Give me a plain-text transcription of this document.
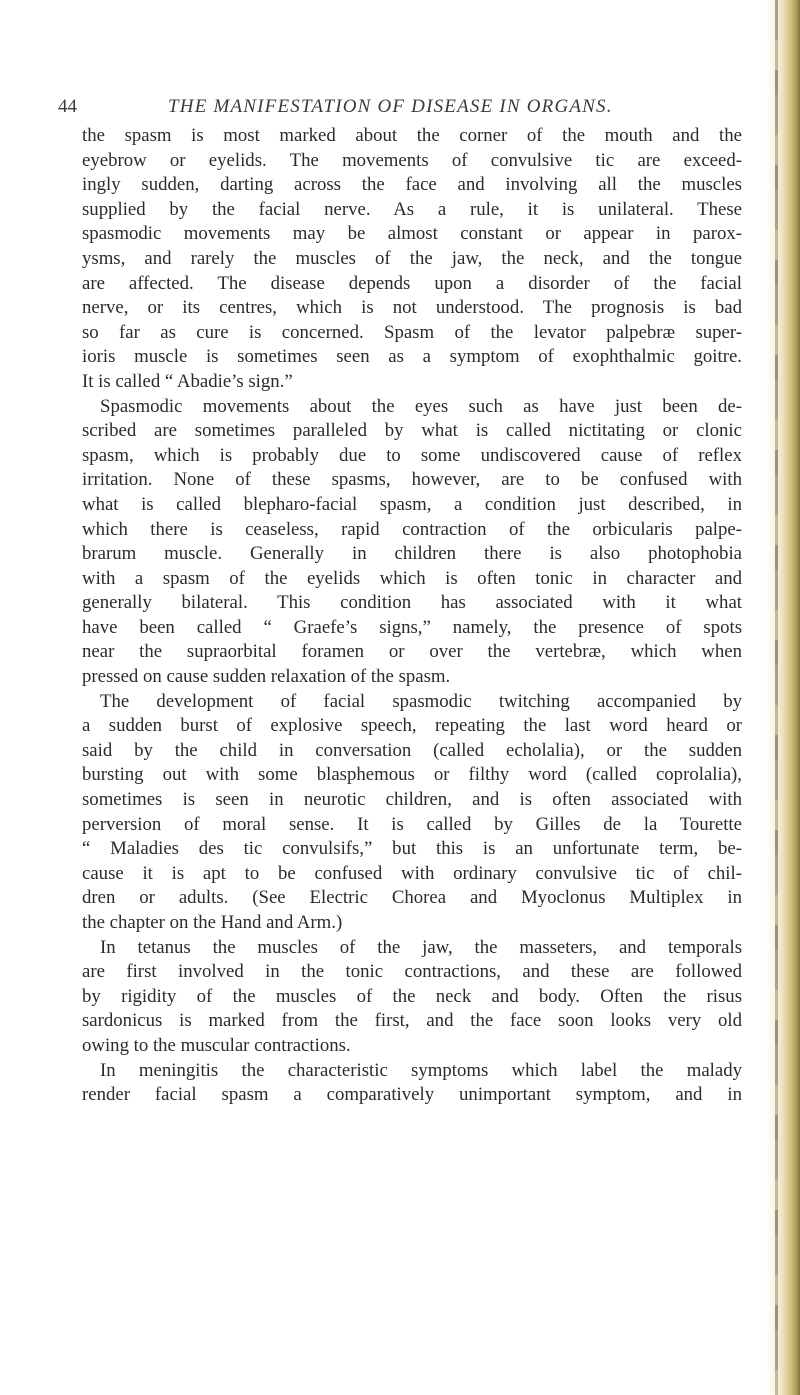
44	THE MANIFESTATION OF DISEASE IN ORGANS.
the spasm is most marked about the corner of the mouth and the
eyebrow or eyelids. The movements of convulsive tic are exceed-
ingly sudden, darting across the face and involving all the muscles
supplied by the facial nerve. As a rule, it is unilateral. These
spasmodic movements may be almost constant or appear in parox-
ysms, and rarely the muscles of the jaw, the neck, and the tongue
are affected. The disease depends upon a disorder of the facial
nerve, or its centres, which is not understood. The prognosis is bad
so far as cure is concerned. Spasm of the levator palpebræ super-
ioris muscle is sometimes seen as a symptom of exophthalmic goitre.
It is called “ Abadie’s sign.”
Spasmodic movements about the eyes such as have just been de-
scribed are sometimes paralleled by what is called nictitating or clonic
spasm, which is probably due to some undiscovered cause of reflex
irritation. None of these spasms, however, are to be confused with
what is called blepharo-facial spasm, a condition just described, in
which there is ceaseless, rapid contraction of the orbicularis palpe-
brarum muscle. Generally in children there is also photophobia
with a spasm of the eyelids which is often tonic in character and
generally bilateral. This condition has associated with it what
have been called “ Graefe’s signs,” namely, the presence of spots
near the supraorbital foramen or over the vertebræ, which when
pressed on cause sudden relaxation of the spasm.
The development of facial spasmodic twitching accompanied by
a sudden burst of explosive speech, repeating the last word heard or
said by the child in conversation (called echolalia), or the sudden
bursting out with some blasphemous or filthy word (called coprolalia),
sometimes is seen in neurotic children, and is often associated with
perversion of moral sense. It is called by Gilles de la Tourette
“ Maladies des tic convulsifs,” but this is an unfortunate term, be-
cause it is apt to be confused with ordinary convulsive tic of chil-
dren or adults. (See Electric Chorea and Myoclonus Multiplex in
the chapter on the Hand and Arm.)
In tetanus the muscles of the jaw, the masseters, and temporals
are first involved in the tonic contractions, and these are followed
by rigidity of the muscles of the neck and body. Often the risus
sardonicus is marked from the first, and the face soon looks very old
owing to the muscular contractions.
In meningitis the characteristic symptoms which label the malady
render facial spasm a comparatively unimportant symptom, and in
